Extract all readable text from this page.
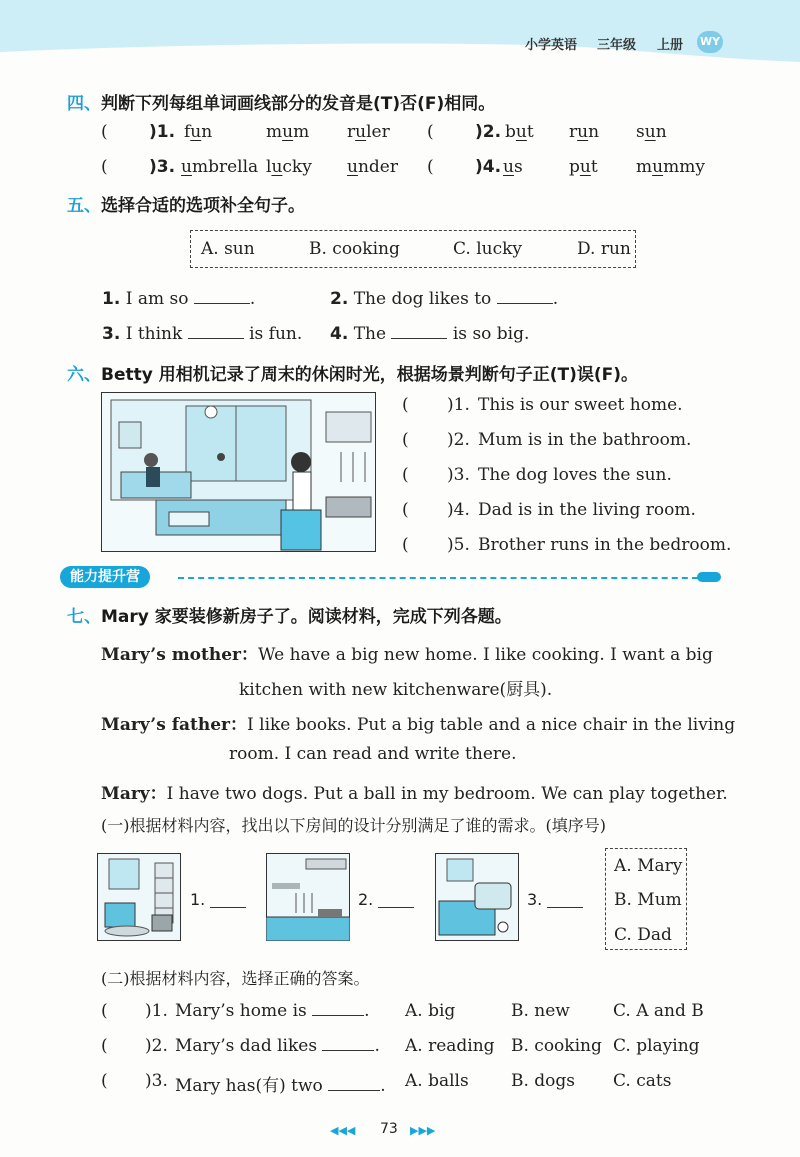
小学英语 三年级 上册 WY
四、判断下列每组单词画线部分的发音是(T)否(F)相同。
( )1. fun	mum ruler ( )2. but run sun
( )3. umbrella lucky under ( )4. us	put mummy
五、选择合适的选项补全句子。
A. sun	B. cooking	C. lucky	D. run
1. I am so	.	2. The dog likes to	.
3. I think	is fun. 4. The	is so big.
六、Betty 用相机记录了周末的休闲时光，根据场景判断句子正(T)误(F)。
( )1. This is our sweet home.
( )2. Mum is in the bathroom.
( )3. The dog loves the sun.
( )4. Dad is in the living room.
( )5. Brother runs in the bedroom.
能力提升营
七、Mary 家要装修新房子了。阅读材料，完成下列各题。
Mary’s mother：We have a big new home. I like cooking. I want a big
kitchen with new kitchenware(厨具).
Mary’s father：I like books. Put a big table and a nice chair in the living
room. I can read and write there.
Mary：I have two dogs. Put a ball in my bedroom. We can play together.
(一)根据材料内容，找出以下房间的设计分别满足了谁的需求。(填序号)
1.	2.	3.
A. Mary
B. Mum
C. Dad
(二)根据材料内容，选择正确的答案。
( )1. Mary’s home is	. A. big	B. new	C. A and B
( )2. Mary’s dad likes	. A. reading B. cooking C. playing
( )3. Mary has(有) two	. A. balls B. dogs C. cats
◀◀◀ 73 ▶▶▶
